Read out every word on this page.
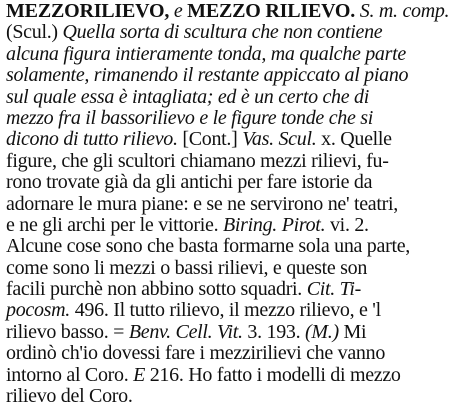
MEZZORILIEVO, e MEZZO RILIEVO. S. m. comp.
(Scul.) Quella sorta di scultura che non contiene
alcuna figura intieramente tonda, ma qualche parte
solamente, rimanendo il restante appiccato al piano
sul quale essa è intagliata; ed è un certo che di
mezzo fra il bassorilievo e le figure tonde che si
dicono di tutto rilievo. [Cont.] Vas. Scul. x. Quelle
figure, che gli scultori chiamano mezzi rilievi, fu-
rono trovate già da gli antichi per fare istorie da
adornare le mura piane: e se ne servirono ne' teatri,
e ne gli archi per le vittorie. Biring. Pirot. vi. 2.
Alcune cose sono che basta formarne sola una parte,
come sono li mezzi o bassi rilievi, e queste son
facili purchè non abbino sotto squadri. Cit. Ti-
pocosm. 496. Il tutto rilievo, il mezzo rilievo, e 'l
rilievo basso. = Benv. Cell. Vit. 3. 193. (M.) Mi
ordinò ch'io dovessi fare i mezzirilievi che vanno
intorno al Coro. E 216. Ho fatto i modelli di mezzo
rilievo del Coro.
